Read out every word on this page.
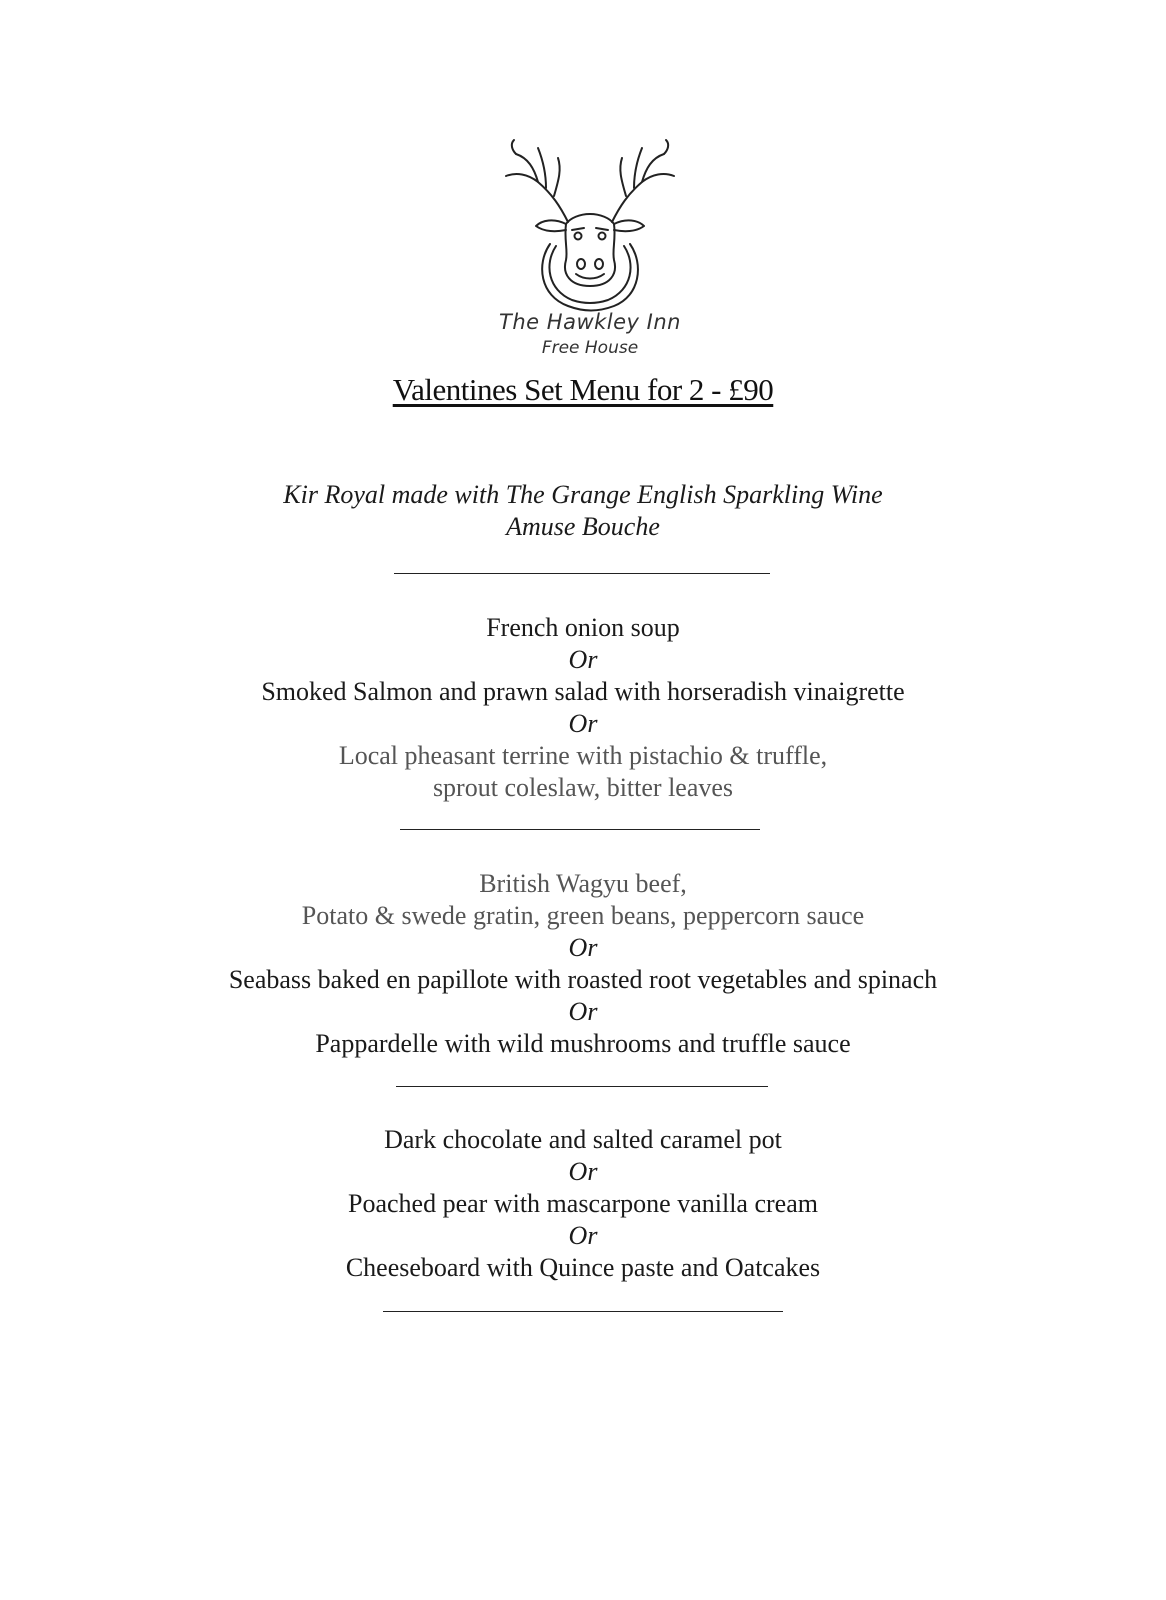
The Hawkley Inn
Free House
Valentines Set Menu for 2 - £90
Kir Royal made with The Grange English Sparkling Wine
Amuse Bouche
French onion soup
Or
Smoked Salmon and prawn salad with horseradish vinaigrette
Or
Local pheasant terrine with pistachio & truffle,
sprout coleslaw, bitter leaves
British Wagyu beef,
Potato & swede gratin, green beans, peppercorn sauce
Or
Seabass baked en papillote with roasted root vegetables and spinach
Or
Pappardelle with wild mushrooms and truffle sauce
Dark chocolate and salted caramel pot
Or
Poached pear with mascarpone vanilla cream
Or
Cheeseboard with Quince paste and Oatcakes
